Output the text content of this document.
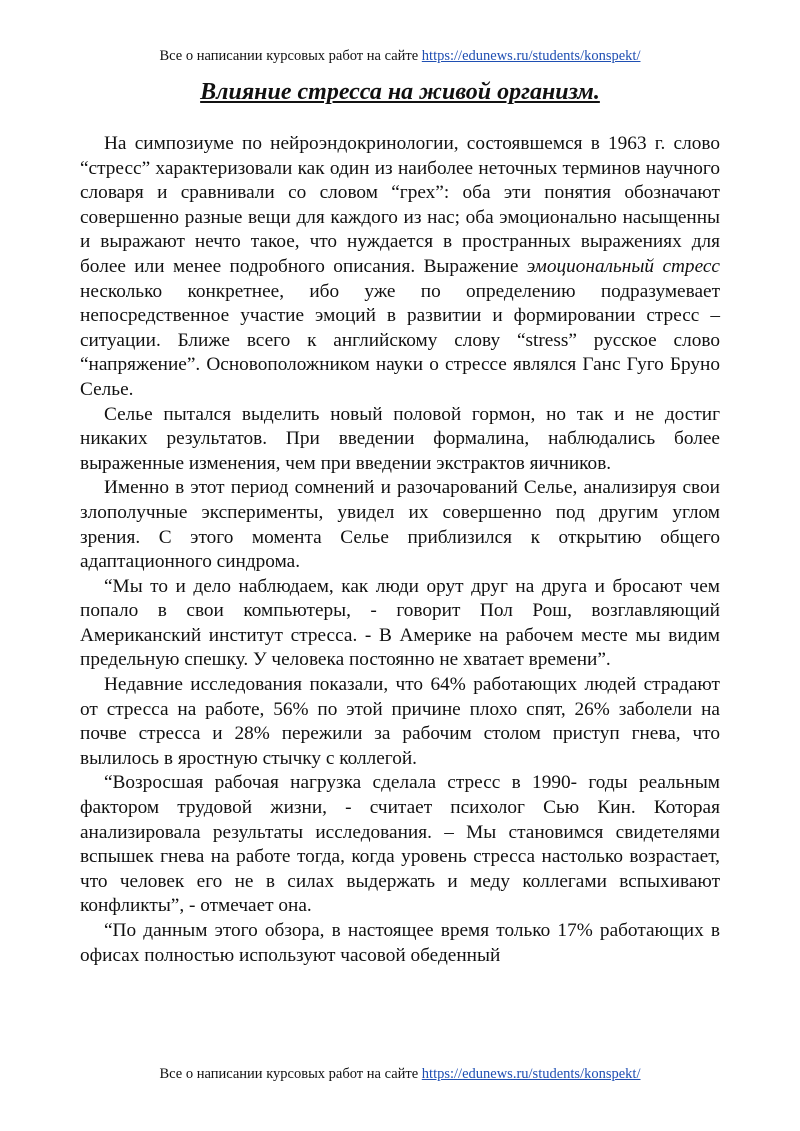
Все о написании курсовых работ на сайте https://edunews.ru/students/konspekt/
Влияние стресса на живой организм.

На симпозиуме по нейроэндокринологии, состоявшемся в 1963 г. слово “стресс” характеризовали как один из наиболее неточных терминов научного словаря и сравнивали со словом “грех”: оба эти понятия обозначают совершенно разные вещи для каждого из нас; оба эмоционально насыщенны и выражают нечто такое, что нуждается в пространных выражениях для более или менее подробного описания. Выражение эмоциональный стресс несколько конкретнее, ибо уже по определению подразумевает непосредственное участие эмоций в развитии и формировании стресс – ситуации. Ближе всего к английскому слову “stress” русское слово “напряжение”. Основоположником науки о стрессе являлся Ганс Гуго Бруно Селье.

Селье пытался выделить новый половой гормон, но так и не достиг никаких результатов. При введении формалина, наблюдались более выраженные изменения, чем при введении экстрактов яичников.

Именно в этот период сомнений и разочарований Селье, анализируя свои злополучные эксперименты, увидел их совершенно под другим углом зрения. С этого момента Селье приблизился к открытию общего адаптационного синдрома.

“Мы то и дело наблюдаем, как люди орут друг на друга и бросают чем попало в свои компьютеры, - говорит Пол Рош, возглавляющий Американский институт стресса. - В Америке на рабочем месте мы видим предельную спешку. У человека постоянно не хватает времени”.

Недавние исследования показали, что 64% работающих людей страдают от стресса на работе, 56% по этой причине плохо спят, 26% заболели на почве стресса и 28% пережили за рабочим столом приступ гнева, что вылилось в яростную стычку с коллегой.

“Возросшая рабочая нагрузка сделала стресс в 1990- годы реальным фактором трудовой жизни, - считает психолог Сью Кин. Которая анализировала результаты исследования. – Мы становимся свидетелями вспышек гнева на работе тогда, когда уровень стресса настолько возрастает, что человек его не в силах выдержать и меду коллегами вспыхивают конфликты”, - отмечает она.

“По данным этого обзора, в настоящее время только 17% работающих в офисах полностью используют часовой обеденный

Все о написании курсовых работ на сайте https://edunews.ru/students/konspekt/
